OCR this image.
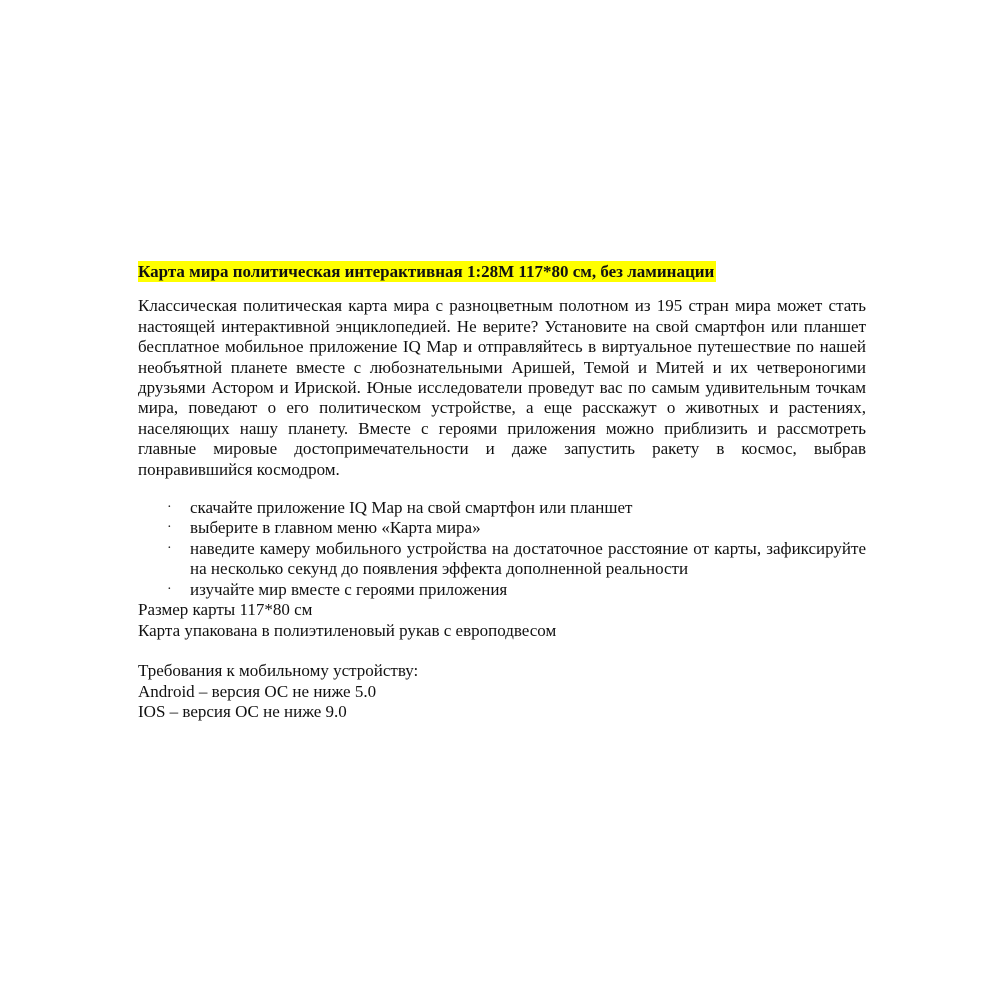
Карта мира политическая интерактивная 1:28М 117*80 см, без ламинации

Классическая политическая карта мира с разноцветным полотном из 195 стран мира может стать настоящей интерактивной энциклопедией. Не верите? Установите на свой смартфон или планшет бесплатное мобильное приложение IQ Map и отправляйтесь в виртуальное путешествие по нашей необъятной планете вместе с любознательными Аришей, Темой и Митей и их четвероногими друзьями Астором и Ириской. Юные исследователи проведут вас по самым удивительным точкам мира, поведают о его политическом устройстве, а еще расскажут о животных и растениях, населяющих нашу планету. Вместе с героями приложения можно приблизить и рассмотреть главные мировые достопримечательности и даже запустить ракету в космос, выбрав понравившийся космодром.

· скачайте приложение IQ Map на свой смартфон или планшет
· выберите в главном меню «Карта мира»
· наведите камеру мобильного устройства на достаточное расстояние от карты, зафиксируйте на несколько секунд до появления эффекта дополненной реальности
· изучайте мир вместе с героями приложения

Размер карты 117*80 см

Карта упакована в полиэтиленовый рукав с европодвесом

Требования к мобильному устройству:

Android – версия ОС не ниже 5.0

IOS – версия ОС не ниже 9.0
